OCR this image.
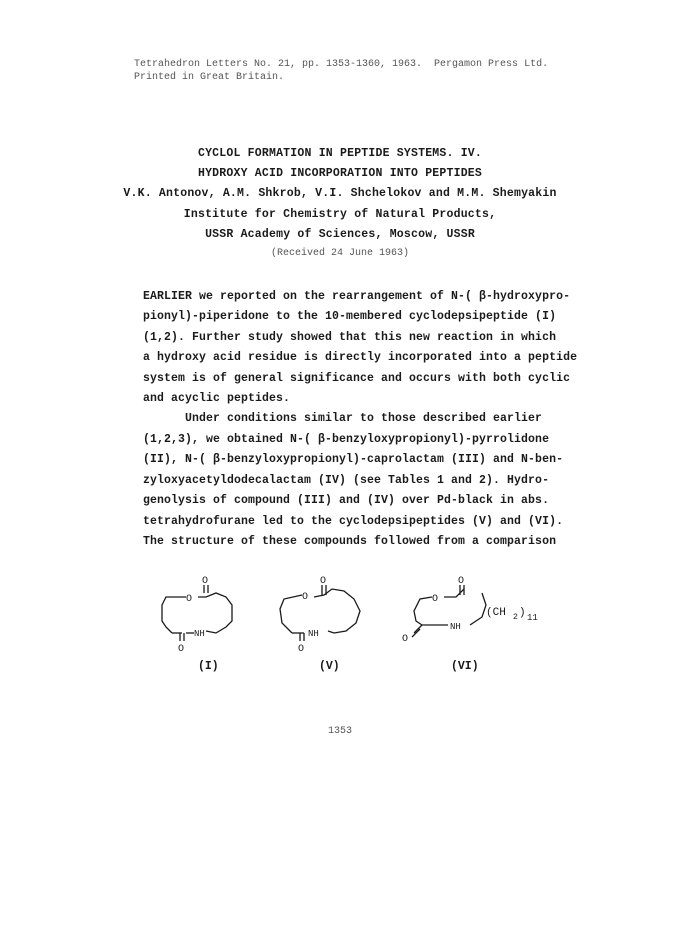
Tetrahedron Letters No. 21, pp. 1353-1360, 1963.  Pergamon Press Ltd.
Printed in Great Britain.
CYCLOL FORMATION IN PEPTIDE SYSTEMS. IV.
HYDROXY ACID INCORPORATION INTO PEPTIDES
V.K. Antonov, A.M. Shkrob, V.I. Shchelokov and M.M. Shemyakin
Institute for Chemistry of Natural Products,
USSR Academy of Sciences, Moscow, USSR
(Received 24 June 1963)
EARLIER we reported on the rearrangement of N-( β-hydroxypro-
pionyl)-piperidone to the 10-membered cyclodepsipeptide (I)
(1,2). Further study showed that this new reaction in which
a hydroxy acid residue is directly incorporated into a peptide
system is of general significance and occurs with both cyclic
and acyclic peptides.
Under conditions similar to those described earlier
(1,2,3), we obtained N-( β-benzyloxypropionyl)-pyrrolidone
(II), N-( β-benzyloxypropionyl)-caprolactam (III) and N-ben-
zyloxyacetyldodecalactam (IV) (see Tables 1 and 2). Hydro-
genolysis of compound (III) and (IV) over Pd-black in abs.
tetrahydrofurane led to the cyclodepsipeptides (V) and (VI).
The structure of these compounds followed from a comparison
O
O
O
NH
O
O
O
NH
O
O
O
NH
(CH 2 ) 11
(I)	(V)	(VI)
1353
